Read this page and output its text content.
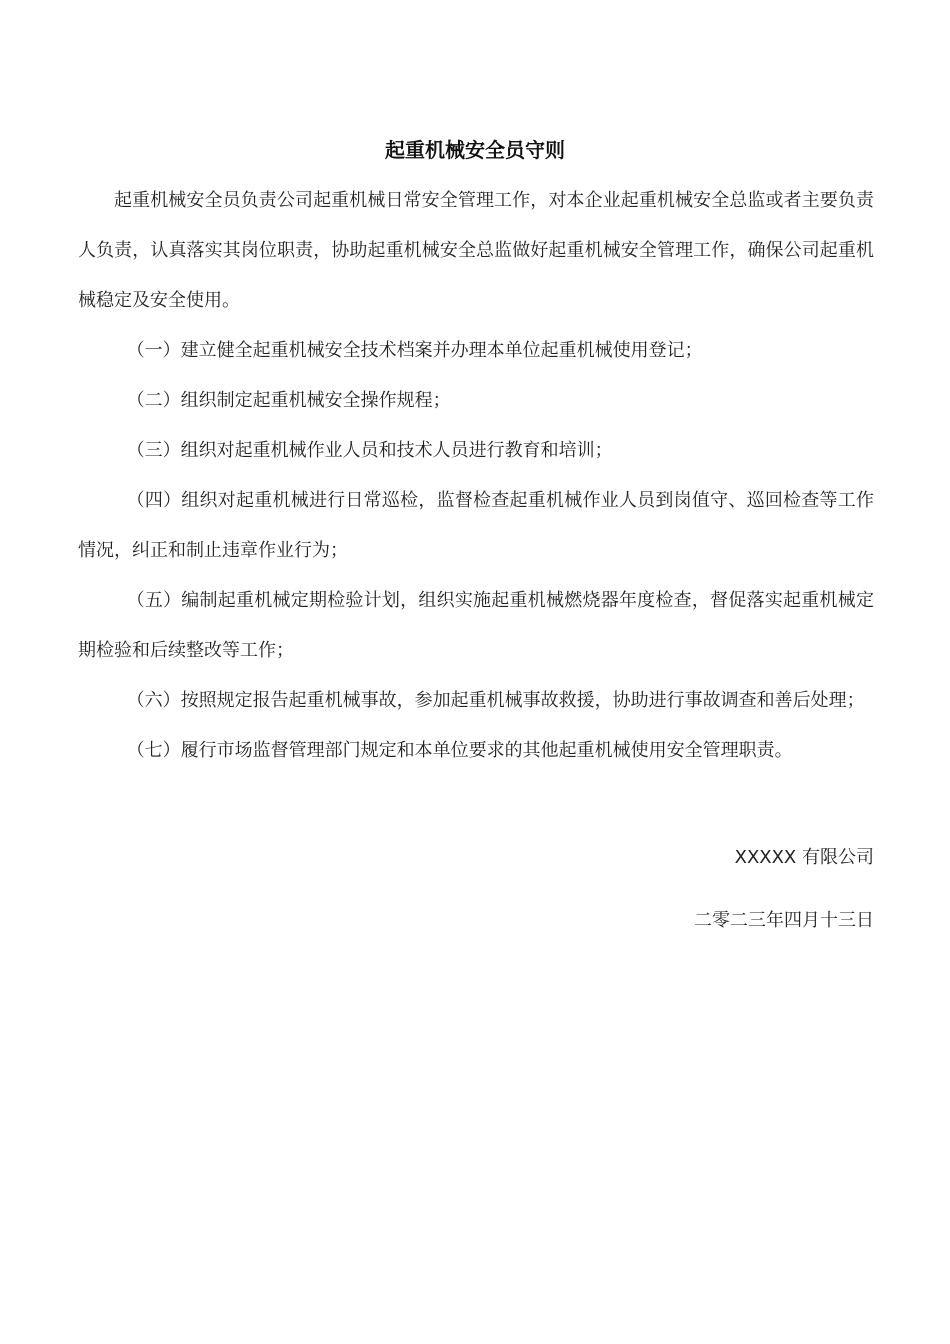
起重机械安全员守则

起重机械安全员负责公司起重机械日常安全管理工作，对本企业起重机械安全总监或者主要负责人负责，认真落实其岗位职责，协助起重机械安全总监做好起重机械安全管理工作，确保公司起重机械稳定及安全使用。

（一）建立健全起重机械安全技术档案并办理本单位起重机械使用登记；

（二）组织制定起重机械安全操作规程；

（三）组织对起重机械作业人员和技术人员进行教育和培训；

（四）组织对起重机械进行日常巡检，监督检查起重机械作业人员到岗值守、巡回检查等工作情况，纠正和制止违章作业行为；

（五）编制起重机械定期检验计划，组织实施起重机械燃烧器年度检查，督促落实起重机械定期检验和后续整改等工作；

（六）按照规定报告起重机械事故，参加起重机械事故救援，协助进行事故调查和善后处理；

（七）履行市场监督管理部门规定和本单位要求的其他起重机械使用安全管理职责。

XXXXX 有限公司
二零二三年四月十三日
